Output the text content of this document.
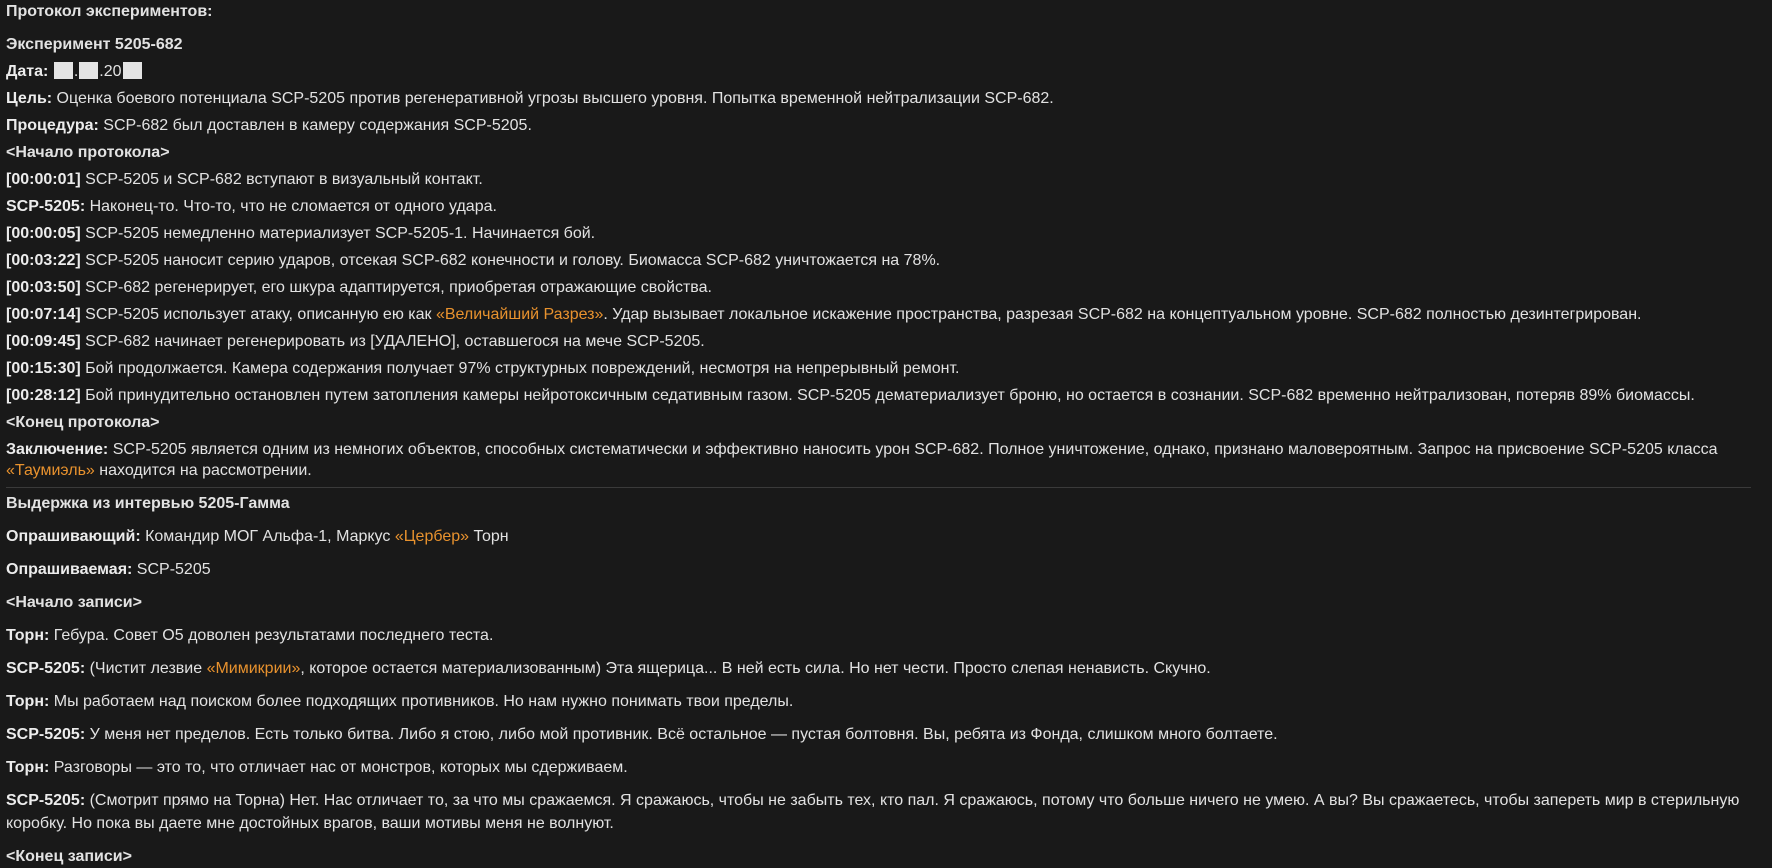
Протокол экспериментов:

Эксперимент 5205-682

Дата: . .20

Цель: Оценка боевого потенциала SCP-5205 против регенеративной угрозы высшего уровня. Попытка временной нейтрализации SCP-682.

Процедура: SCP-682 был доставлен в камеру содержания SCP-5205.

<Начало протокола>

[00:00:01] SCP-5205 и SCP-682 вступают в визуальный контакт.

SCP-5205: Наконец-то. Что-то, что не сломается от одного удара.

[00:00:05] SCP-5205 немедленно материализует SCP-5205-1. Начинается бой.

[00:03:22] SCP-5205 наносит серию ударов, отсекая SCP-682 конечности и голову. Биомасса SCP-682 уничтожается на 78%.

[00:03:50] SCP-682 регенерирует, его шкура адаптируется, приобретая отражающие свойства.

[00:07:14] SCP-5205 использует атаку, описанную ею как «Величайший Разрез». Удар вызывает локальное искажение пространства, разрезая SCP-682 на концептуальном уровне. SCP-682 полностью дезинтегрирован.

[00:09:45] SCP-682 начинает регенерировать из [УДАЛЕНО], оставшегося на мече SCP-5205.

[00:15:30] Бой продолжается. Камера содержания получает 97% структурных повреждений, несмотря на непрерывный ремонт.

[00:28:12] Бой принудительно остановлен путем затопления камеры нейротоксичным седативным газом. SCP-5205 дематериализует броню, но остается в сознании. SCP-682 временно нейтрализован, потеряв 89% биомассы.

<Конец протокола>

Заключение: SCP-5205 является одним из немногих объектов, способных систематически и эффективно наносить урон SCP-682. Полное уничтожение, однако, признано маловероятным. Запрос на присвоение SCP-5205 класса «Таумиэль» находится на рассмотрении.

Выдержка из интервью 5205-Гамма

Опрашивающий: Командир МОГ Альфа-1, Маркус «Цербер» Торн

Опрашиваемая: SCP-5205

<Начало записи>

Торн: Гебура. Совет О5 доволен результатами последнего теста.

SCP-5205: (Чистит лезвие «Мимикрии», которое остается материализованным) Эта ящерица... В ней есть сила. Но нет чести. Просто слепая ненависть. Скучно.

Торн: Мы работаем над поиском более подходящих противников. Но нам нужно понимать твои пределы.

SCP-5205: У меня нет пределов. Есть только битва. Либо я стою, либо мой противник. Всё остальное — пустая болтовня. Вы, ребята из Фонда, слишком много болтаете.

Торн: Разговоры — это то, что отличает нас от монстров, которых мы сдерживаем.

SCP-5205: (Смотрит прямо на Торна) Нет. Нас отличает то, за что мы сражаемся. Я сражаюсь, чтобы не забыть тех, кто пал. Я сражаюсь, потому что больше ничего не умею. А вы? Вы сражаетесь, чтобы запереть мир в стерильную коробку. Но пока вы даете мне достойных врагов, ваши мотивы меня не волнуют.

<Конец записи>
